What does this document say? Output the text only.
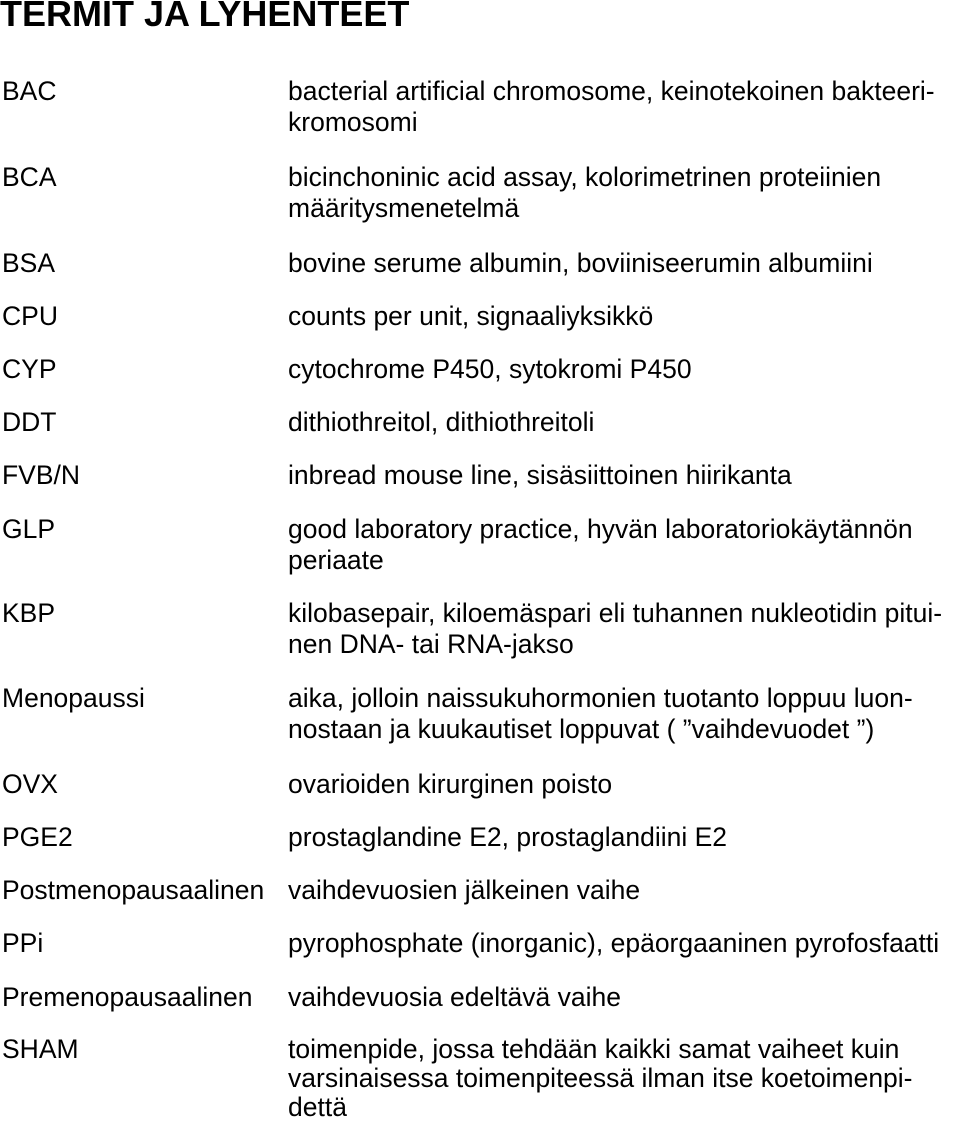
TERMIT JA LYHENTEET
BAC	bacterial artificial chromosome, keinotekoinen bakteeri-
kromosomi
BCA	bicinchoninic acid assay, kolorimetrinen proteiinien
määritysmenetelmä
BSA	bovine serume albumin, boviiniseerumin albumiini
CPU	counts per unit, signaaliyksikkö
CYP	cytochrome P450, sytokromi P450
DDT	dithiothreitol, dithiothreitoli
FVB/N	inbread mouse line, sisäsiittoinen hiirikanta
GLP	good laboratory practice, hyvän laboratoriokäytännön
periaate
KBP	kilobasepair, kiloemäspari eli tuhannen nukleotidin pitui-
nen DNA- tai RNA-jakso
Menopaussi	aika, jolloin naissukuhormonien tuotanto loppuu luon-
nostaan ja kuukautiset loppuvat ( ”vaihdevuodet ”)
OVX	ovarioiden kirurginen poisto
PGE2	prostaglandine E2, prostaglandiini E2
Postmenopausaalinen vaihdevuosien jälkeinen vaihe
PPi	pyrophosphate (inorganic), epäorgaaninen pyrofosfaatti
Premenopausaalinen vaihdevuosia edeltävä vaihe
SHAM	toimenpide, jossa tehdään kaikki samat vaiheet kuin
varsinaisessa toimenpiteessä ilman itse koetoimenpi-
dettä
